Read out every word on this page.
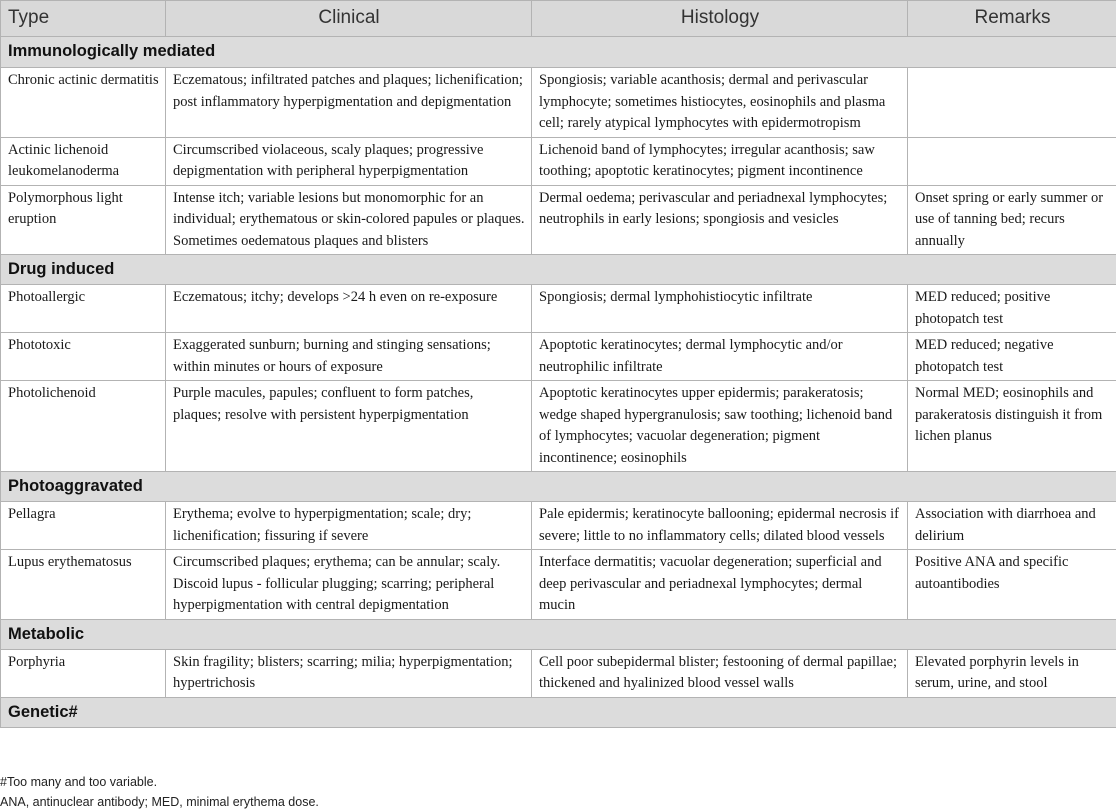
Type	Clinical	Histology	Remarks
Immunologically mediated			
Chronic actinic dermatitis	Eczematous; infiltrated patches and plaques; lichenification; post inflammatory hyperpigmentation and depigmentation	Spongiosis; variable acanthosis; dermal and perivascular lymphocyte; sometimes histiocytes, eosinophils and plasma cell; rarely atypical lymphocytes with epidermotropism	
Actinic lichenoid leukomelanoderma	Circumscribed violaceous, scaly plaques; progressive depigmentation with peripheral hyperpigmentation	Lichenoid band of lymphocytes; irregular acanthosis; saw toothing; apoptotic keratinocytes; pigment incontinence	
Polymorphous light eruption	Intense itch; variable lesions but monomorphic for an individual; erythematous or skin-colored papules or plaques. Sometimes oedematous plaques and blisters	Dermal oedema; perivascular and periadnexal lymphocytes; neutrophils in early lesions; spongiosis and vesicles	Onset spring or early summer or use of tanning bed; recurs annually
Drug induced			
Photoallergic	Eczematous; itchy; develops >24 h even on re-exposure	Spongiosis; dermal lymphohistiocytic infiltrate	MED reduced; positive photopatch test
Phototoxic	Exaggerated sunburn; burning and stinging sensations; within minutes or hours of exposure	Apoptotic keratinocytes; dermal lymphocytic and/or neutrophilic infiltrate	MED reduced; negative photopatch test
Photolichenoid	Purple macules, papules; confluent to form patches, plaques; resolve with persistent hyperpigmentation	Apoptotic keratinocytes upper epidermis; parakeratosis; wedge shaped hypergranulosis; saw toothing; lichenoid band of lymphocytes; vacuolar degeneration; pigment incontinence; eosinophils	Normal MED; eosinophils and parakeratosis distinguish it from lichen planus
Photoaggravated			
Pellagra	Erythema; evolve to hyperpigmentation; scale; dry; lichenification; fissuring if severe	Pale epidermis; keratinocyte ballooning; epidermal necrosis if severe; little to no inflammatory cells; dilated blood vessels	Association with diarrhoea and delirium
Lupus erythematosus	Circumscribed plaques; erythema; can be annular; scaly. Discoid lupus - follicular plugging; scarring; peripheral hyperpigmentation with central depigmentation	Interface dermatitis; vacuolar degeneration; superficial and deep perivascular and periadnexal lymphocytes; dermal mucin	Positive ANA and specific autoantibodies
Metabolic			
Porphyria	Skin fragility; blisters; scarring; milia; hyperpigmentation; hypertrichosis	Cell poor subepidermal blister; festooning of dermal papillae; thickened and hyalinized blood vessel walls	Elevated porphyrin levels in serum, urine, and stool
Genetic#			
#Too many and too variable.
ANA, antinuclear antibody; MED, minimal erythema dose.
